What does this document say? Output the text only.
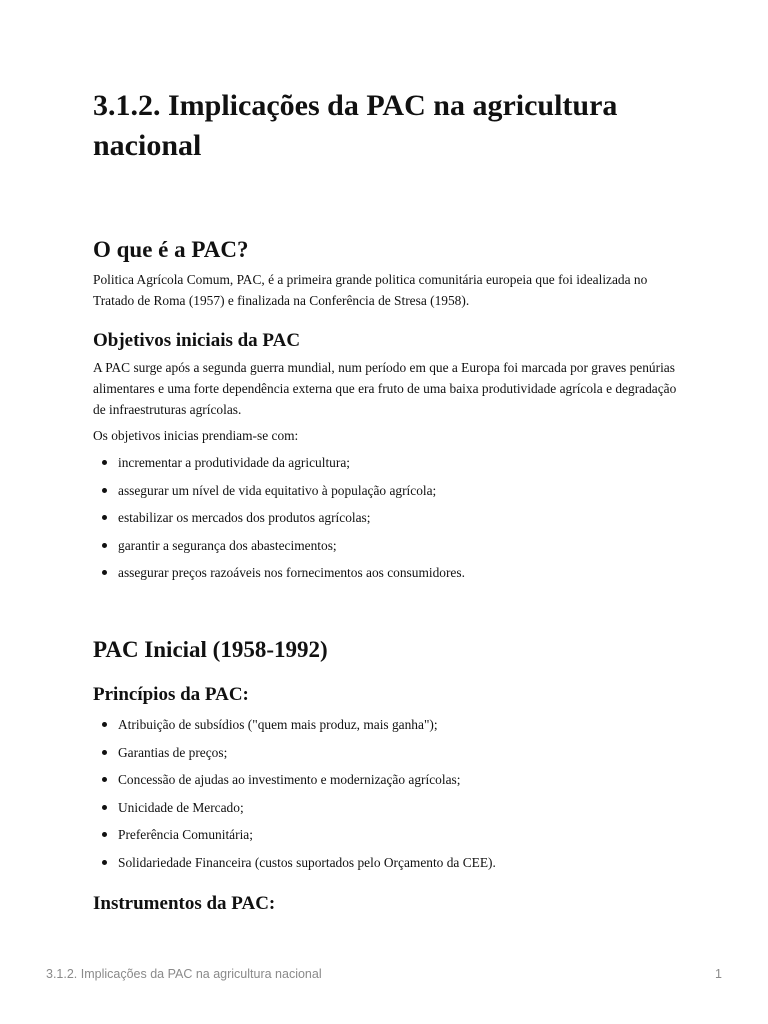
3.1.2. Implicações da PAC na agricultura nacional
O que é a PAC?

Politica Agrícola Comum, PAC, é a primeira grande politica comunitária europeia que foi idealizada no Tratado de Roma (1957) e finalizada na Conferência de Stresa (1958).

Objetivos iniciais da PAC

A PAC surge após a segunda guerra mundial, num período em que a Europa foi marcada por graves penúrias alimentares e uma forte dependência externa que era fruto de uma baixa produtividade agrícola e degradação de infraestruturas agrícolas.

Os objetivos inicias prendiam-se com:

incrementar a produtividade da agricultura;
assegurar um nível de vida equitativo à população agrícola;
estabilizar os mercados dos produtos agrícolas;
garantir a segurança dos abastecimentos;
assegurar preços razoáveis nos fornecimentos aos consumidores.
PAC Inicial (1958-1992)
Princípios da PAC:
Atribuição de subsídios ("quem mais produz, mais ganha");
Garantias de preços;
Concessão de ajudas ao investimento e modernização agrícolas;
Unicidade de Mercado;
Preferência Comunitária;
Solidariedade Financeira (custos suportados pelo Orçamento da CEE).
Instrumentos da PAC:
3.1.2. Implicações da PAC na agricultura nacional	1
